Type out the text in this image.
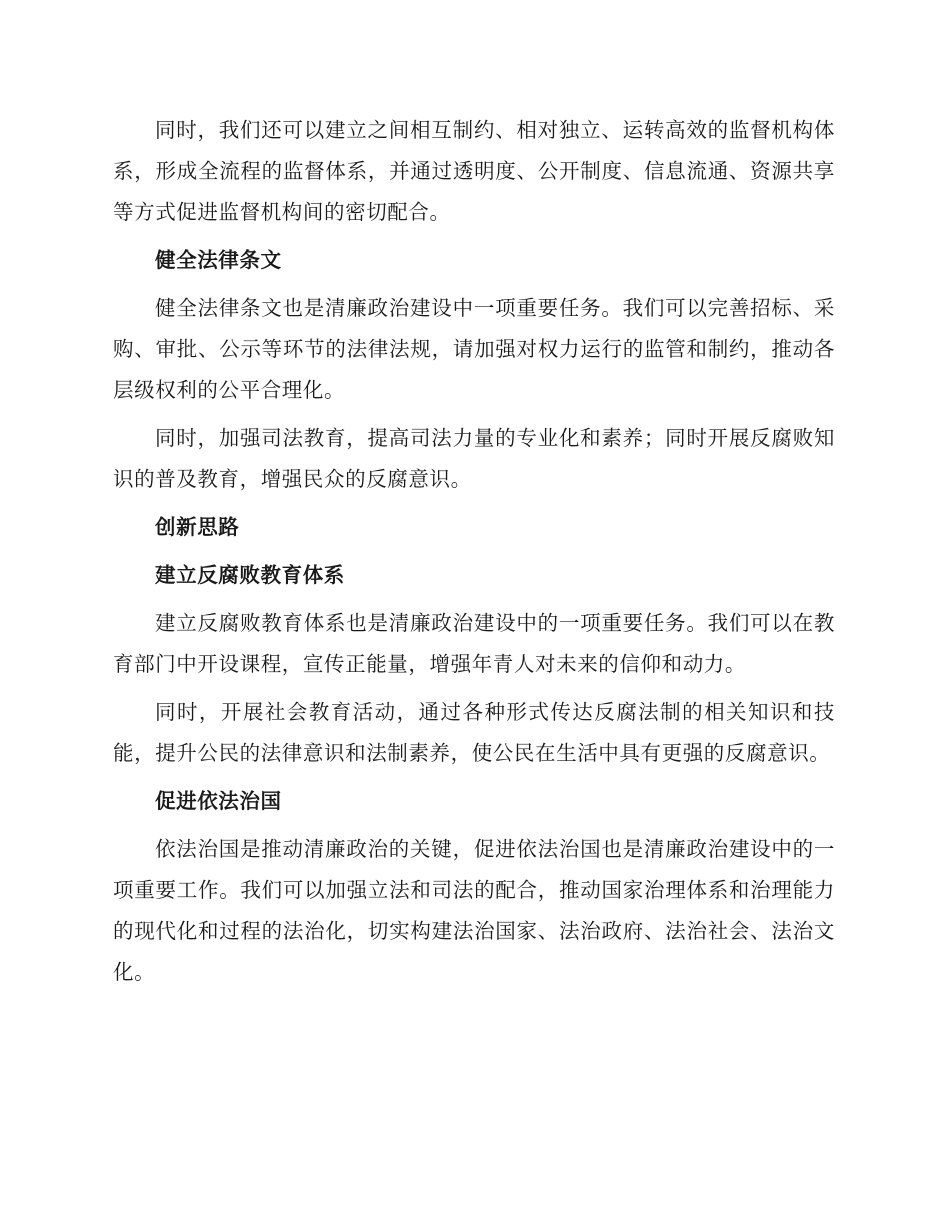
同时，我们还可以建立之间相互制约、相对独立、运转高效的监督机构体系，形成全流程的监督体系，并通过透明度、公开制度、信息流通、资源共享等方式促进监督机构间的密切配合。

健全法律条文

健全法律条文也是清廉政治建设中一项重要任务。我们可以完善招标、采购、审批、公示等环节的法律法规，请加强对权力运行的监管和制约，推动各层级权利的公平合理化。

同时，加强司法教育，提高司法力量的专业化和素养；同时开展反腐败知识的普及教育，增强民众的反腐意识。

创新思路

建立反腐败教育体系

建立反腐败教育体系也是清廉政治建设中的一项重要任务。我们可以在教育部门中开设课程，宣传正能量，增强年青人对未来的信仰和动力。

同时，开展社会教育活动，通过各种形式传达反腐法制的相关知识和技能，提升公民的法律意识和法制素养，使公民在生活中具有更强的反腐意识。

促进依法治国

依法治国是推动清廉政治的关键，促进依法治国也是清廉政治建设中的一项重要工作。我们可以加强立法和司法的配合，推动国家治理体系和治理能力的现代化和过程的法治化，切实构建法治国家、法治政府、法治社会、法治文化。
